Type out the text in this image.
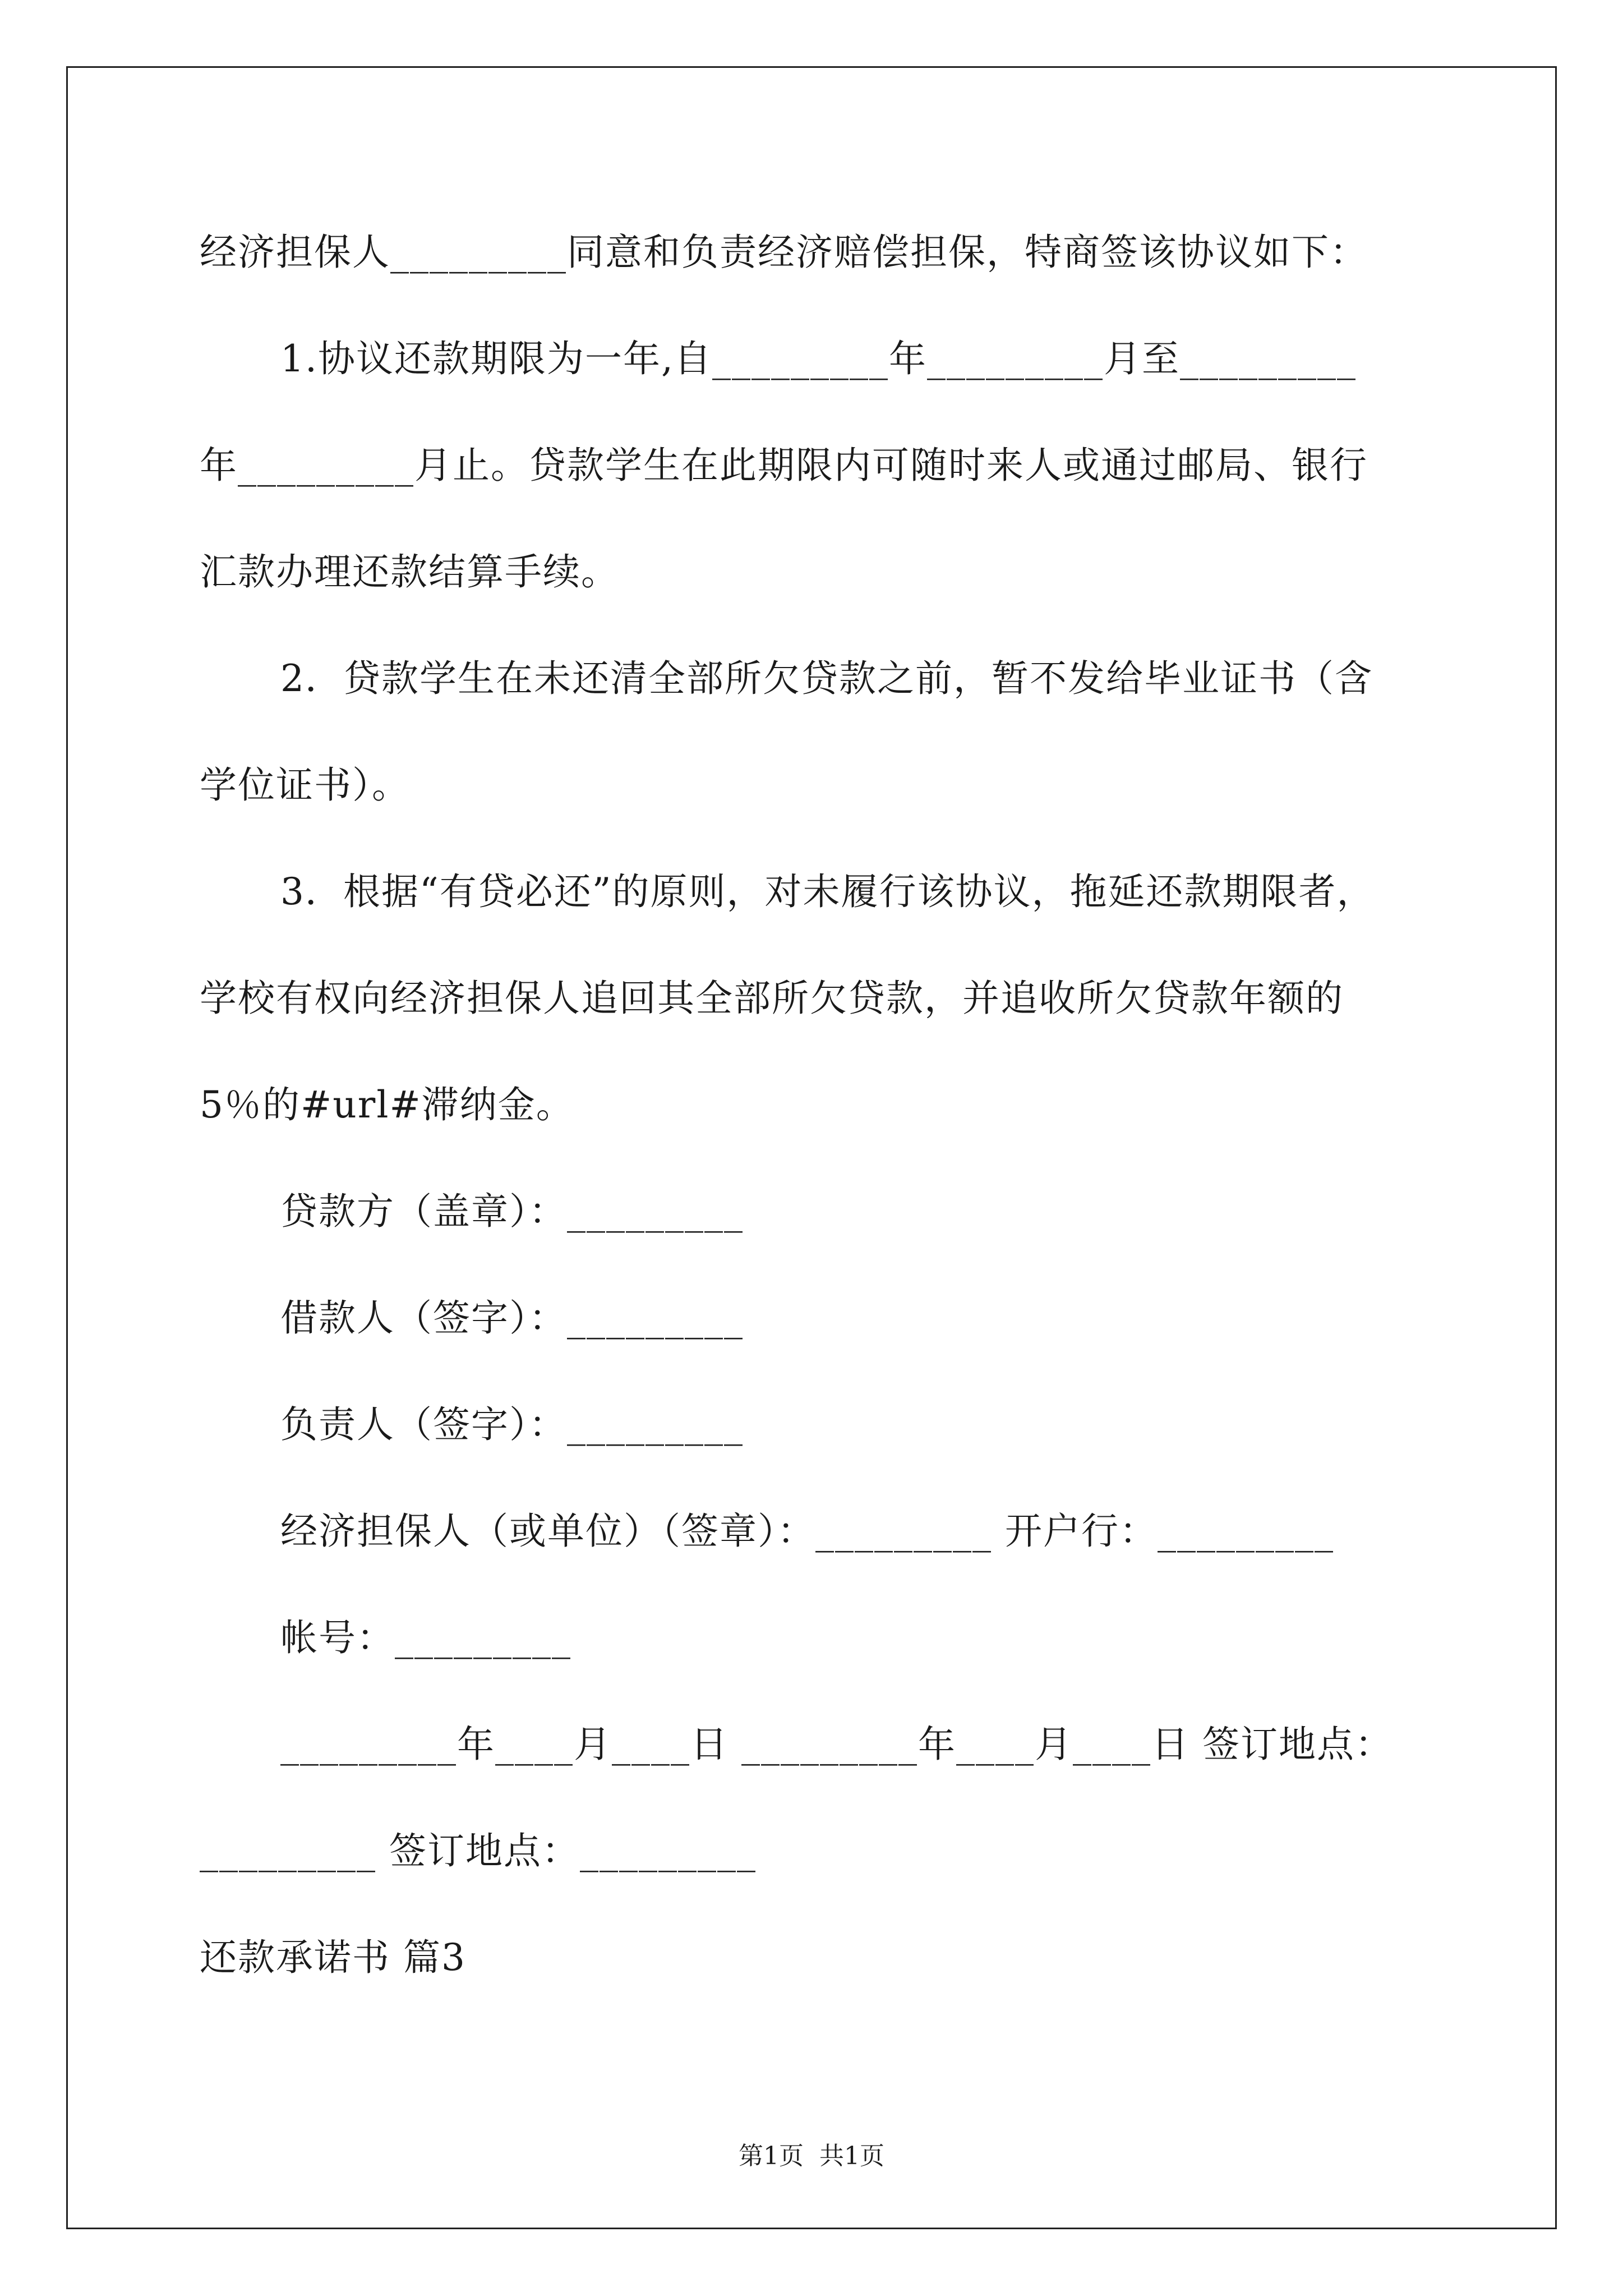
经济担保人_________同意和负责经济赔偿担保，特商签该协议如下：
1.协议还款期限为一年,自_________年_________月至_________
年_________月止。贷款学生在此期限内可随时来人或通过邮局、银行
汇款办理还款结算手续。
2．贷款学生在未还清全部所欠贷款之前，暂不发给毕业证书（含
学位证书）。
3．根据“有贷必还”的原则，对未履行该协议，拖延还款期限者，
学校有权向经济担保人追回其全部所欠贷款，并追收所欠贷款年额的
5％的#url#滞纳金。
贷款方（盖章）：_________
借款人（签字）：_________
负责人（签字）：_________
经济担保人（或单位）（签章）：_________ 开户行：_________
帐号：_________
_________年____月____日 _________年____月____日 签订地点：
_________ 签订地点：_________
还款承诺书 篇3
第1页  共1页
